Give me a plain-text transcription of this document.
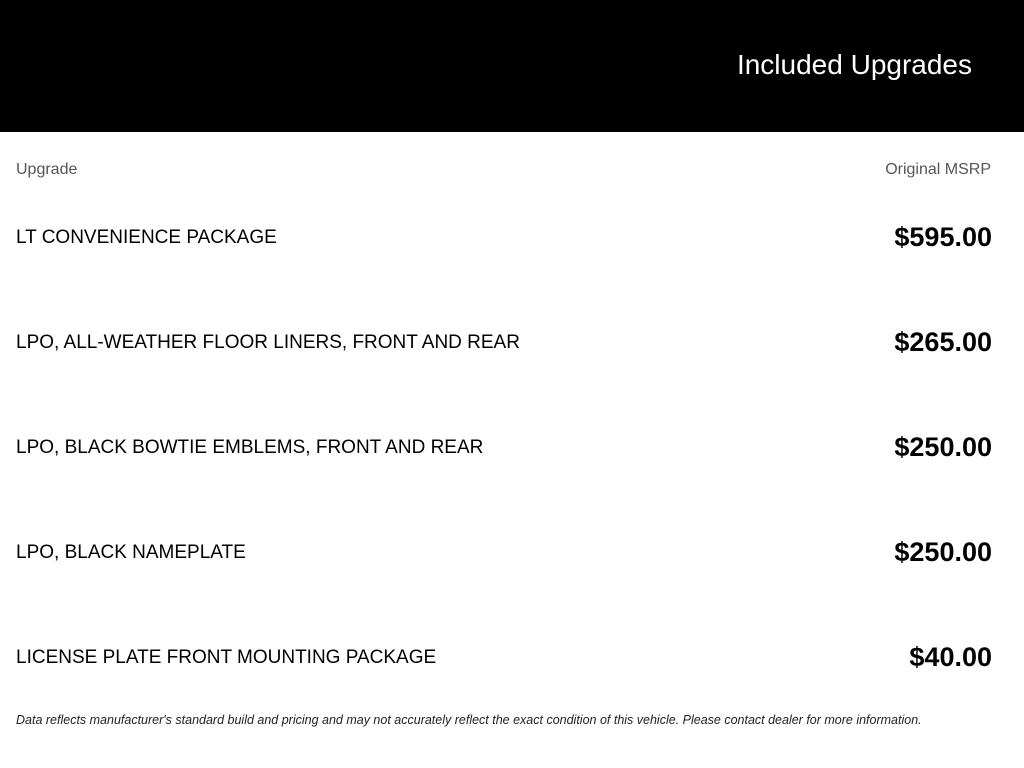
Included Upgrades
Upgrade	Original MSRP
LT CONVENIENCE PACKAGE	$595.00
LPO, ALL-WEATHER FLOOR LINERS, FRONT AND REAR	$265.00
LPO, BLACK BOWTIE EMBLEMS, FRONT AND REAR	$250.00
LPO, BLACK NAMEPLATE	$250.00
LICENSE PLATE FRONT MOUNTING PACKAGE	$40.00

Data reflects manufacturer's standard build and pricing and may not accurately reflect the exact condition of this vehicle. Please contact dealer for more information.
